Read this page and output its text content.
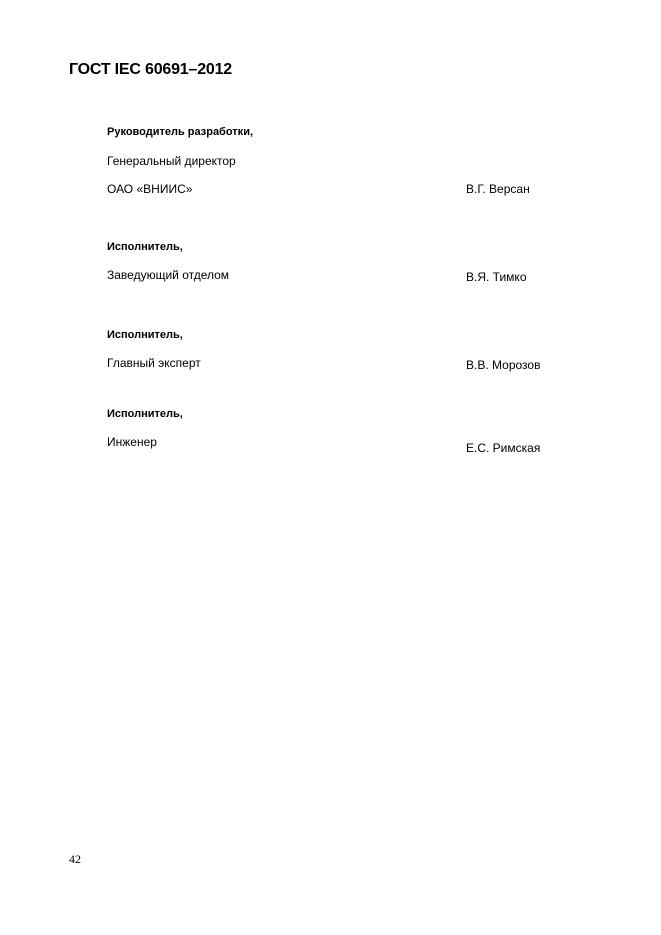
ГОСТ IEC 60691–2012
Руководитель разработки,
Генеральный директор
ОАО «ВНИИС»	В.Г. Версан
Исполнитель,
Заведующий отделом	В.Я. Тимко
Исполнитель,
Главный эксперт	В.В. Морозов
Исполнитель,
Инженер	Е.С. Римская
42
